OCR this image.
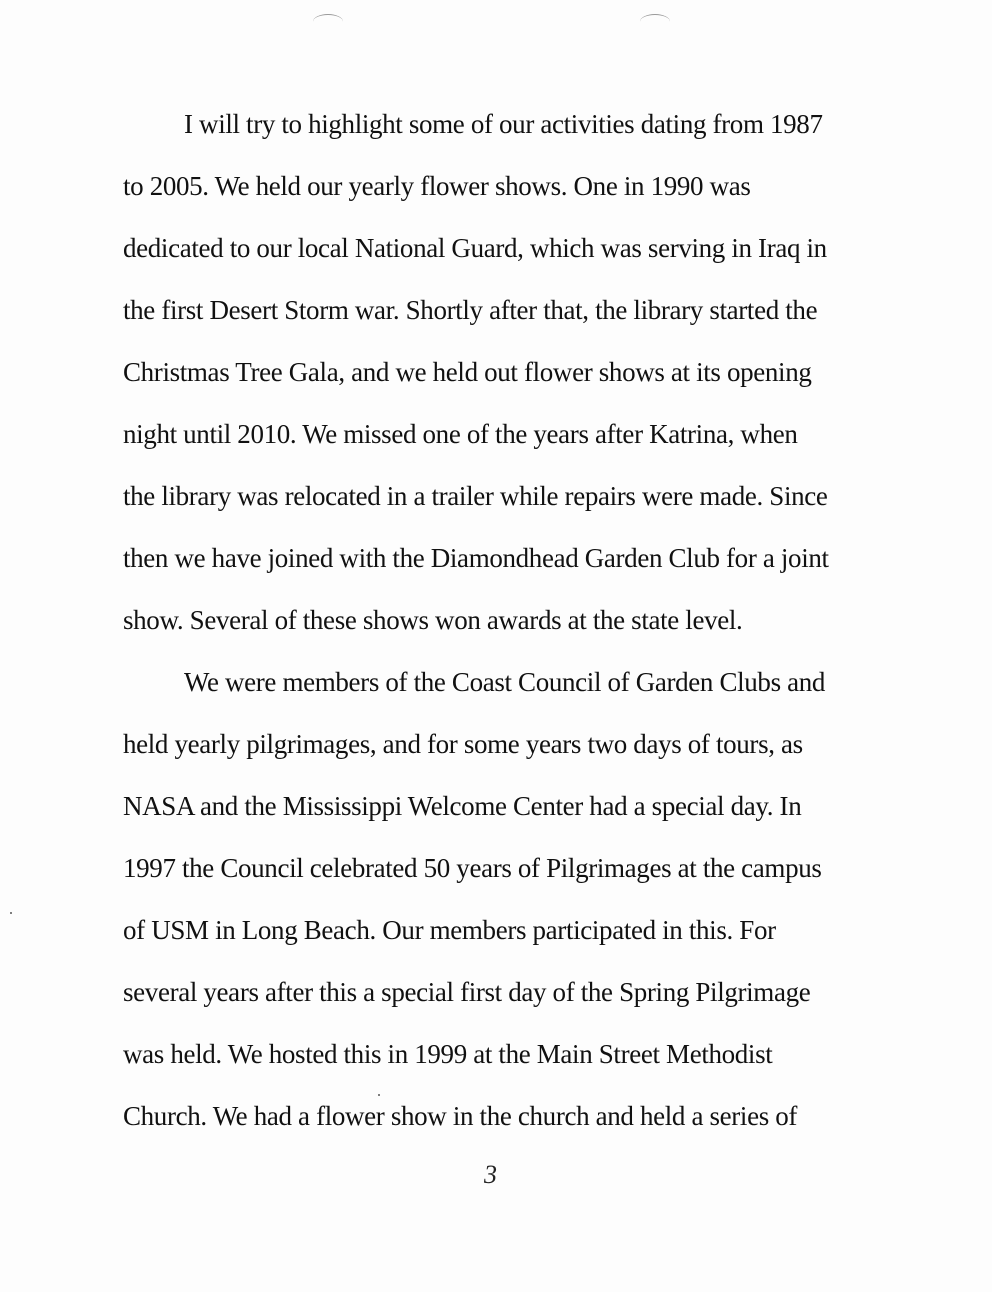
I will try to highlight some of our activities dating from 1987
to 2005. We held our yearly flower shows. One in 1990 was
dedicated to our local National Guard, which was serving in Iraq in
the first Desert Storm war. Shortly after that, the library started the
Christmas Tree Gala, and we held out flower shows at its opening
night until 2010. We missed one of the years after Katrina, when
the library was relocated in a trailer while repairs were made. Since
then we have joined with the Diamondhead Garden Club for a joint
show. Several of these shows won awards at the state level.
We were members of the Coast Council of Garden Clubs and
held yearly pilgrimages, and for some years two days of tours, as
NASA and the Mississippi Welcome Center had a special day. In
1997 the Council celebrated 50 years of Pilgrimages at the campus
of USM in Long Beach. Our members participated in this. For
several years after this a special first day of the Spring Pilgrimage
was held. We hosted this in 1999 at the Main Street Methodist
Church. We had a flower show in the church and held a series of
3
